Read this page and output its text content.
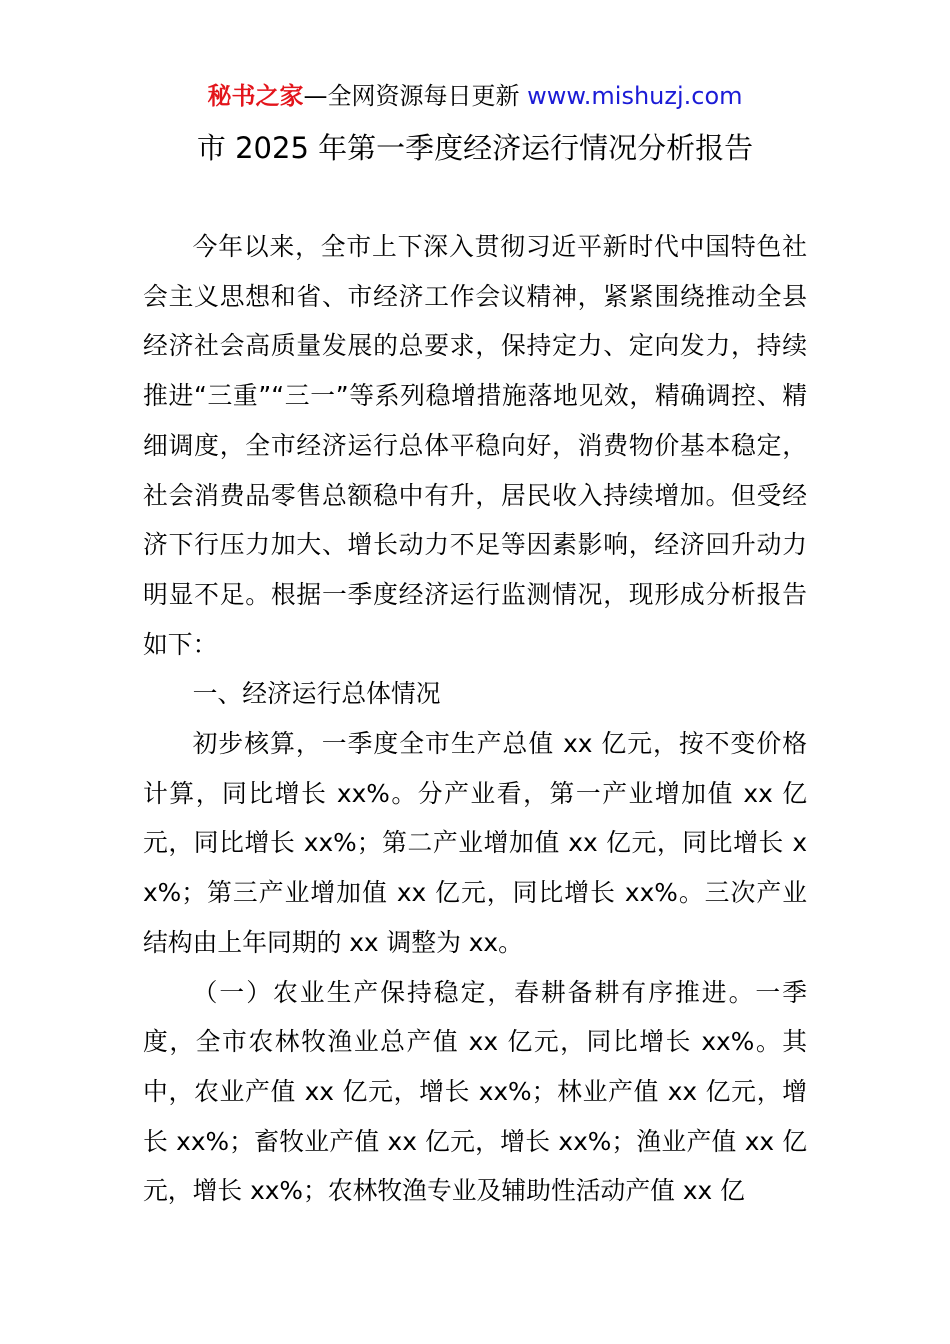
秘书之家—全网资源每日更新 www.mishuzj.com
市 2025 年第一季度经济运行情况分析报告

今年以来，全市上下深入贯彻习近平新时代中国特色社会主义思想和省、市经济工作会议精神，紧紧围绕推动全县经济社会高质量发展的总要求，保持定力、定向发力，持续推进“三重”“三一”等系列稳增措施落地见效，精确调控、精细调度，全市经济运行总体平稳向好，消费物价基本稳定，社会消费品零售总额稳中有升，居民收入持续增加。但受经济下行压力加大、增长动力不足等因素影响，经济回升动力明显不足。根据一季度经济运行监测情况，现形成分析报告如下：

一、经济运行总体情况

初步核算，一季度全市生产总值 xx 亿元，按不变价格计算，同比增长 xx%。分产业看，第一产业增加值 xx 亿元，同比增长 xx%；第二产业增加值 xx 亿元，同比增长 xx%；第三产业增加值 xx 亿元，同比增长 xx%。三次产业结构由上年同期的 xx 调整为 xx。

（一）农业生产保持稳定，春耕备耕有序推进。一季度，全市农林牧渔业总产值 xx 亿元，同比增长 xx%。其中，农业产值 xx 亿元，增长 xx%；林业产值 xx 亿元，增长 xx%；畜牧业产值 xx 亿元，增长 xx%；渔业产值 xx 亿元，增长 xx%；农林牧渔专业及辅助性活动产值 xx 亿
